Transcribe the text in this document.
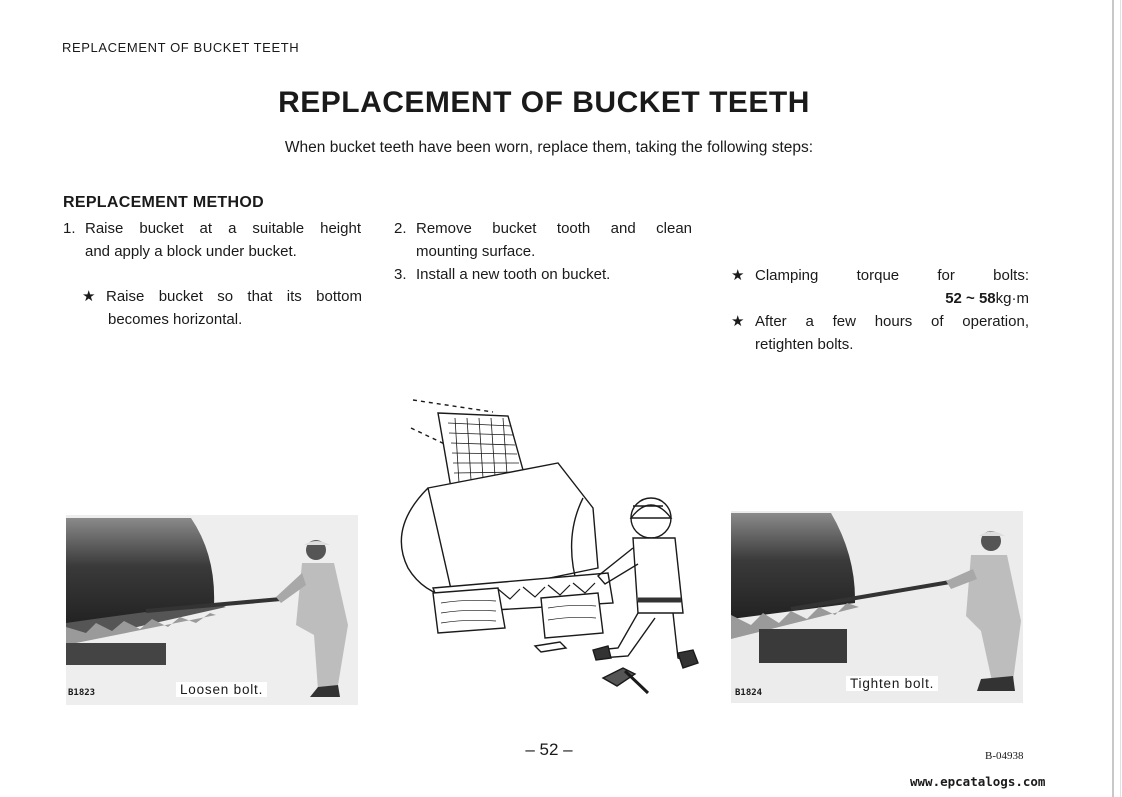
REPLACEMENT OF BUCKET TEETH
REPLACEMENT OF BUCKET TEETH
When bucket teeth have been worn, replace them, taking the following steps:
REPLACEMENT METHOD
1. Raise bucket at a suitable height
and apply a block under bucket.
★ Raise bucket so that its bottom
becomes horizontal.
2. Remove bucket tooth and clean
mounting surface.
3. Install a new tooth on bucket.	★ Clamping torque for bolts:
52 ~ 58kg·m
★ After a few hours of operation,
retighten bolts.
B1823	Loosen bolt.	B1824
Tighten bolt.
– 52 –	B-04938
www.epcatalogs.com
